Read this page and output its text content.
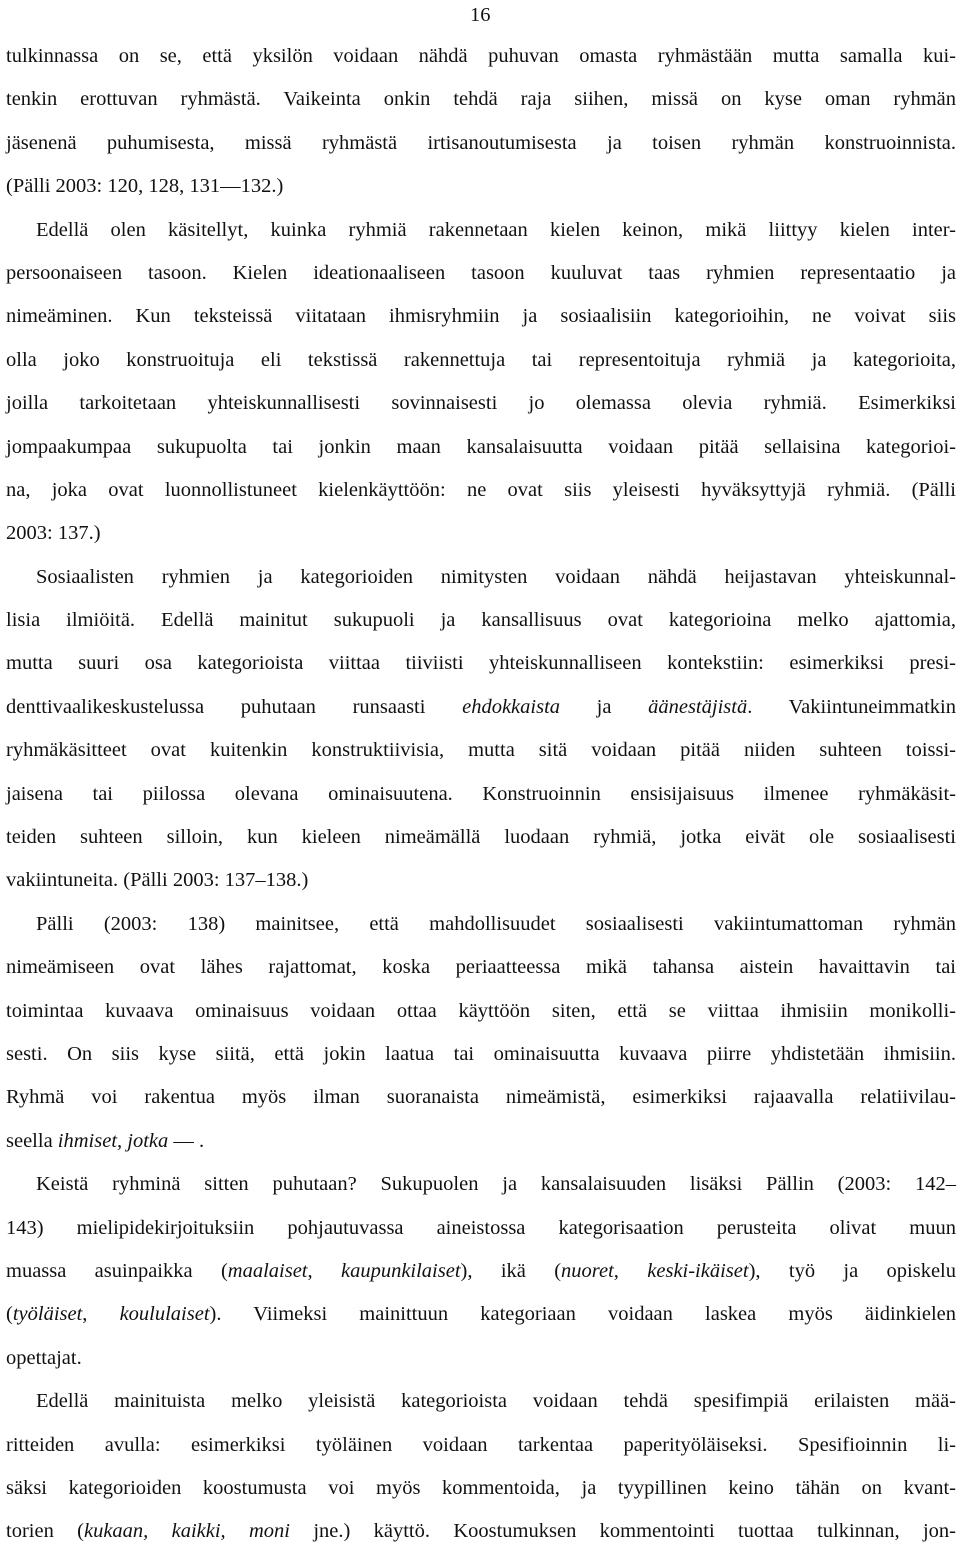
16
tulkinnassa on se, että yksilön voidaan nähdä puhuvan omasta ryhmästään mutta samalla kui-
tenkin erottuvan ryhmästä. Vaikeinta onkin tehdä raja siihen, missä on kyse oman ryhmän
jäsenenä puhumisesta, missä ryhmästä irtisanoutumisesta ja toisen ryhmän konstruoinnista.
(Pälli 2003: 120, 128, 131—132.)
Edellä olen käsitellyt, kuinka ryhmiä rakennetaan kielen keinon, mikä liittyy kielen inter-
persoonaiseen tasoon. Kielen ideationaaliseen tasoon kuuluvat taas ryhmien representaatio ja
nimeäminen. Kun teksteissä viitataan ihmisryhmiin ja sosiaalisiin kategorioihin, ne voivat siis
olla joko konstruoituja eli tekstissä rakennettuja tai representoituja ryhmiä ja kategorioita,
joilla tarkoitetaan yhteiskunnallisesti sovinnaisesti jo olemassa olevia ryhmiä. Esimerkiksi
jompaakumpaa sukupuolta tai jonkin maan kansalaisuutta voidaan pitää sellaisina kategorioi-
na, joka ovat luonnollistuneet kielenkäyttöön: ne ovat siis yleisesti hyväksyttyjä ryhmiä. (Pälli
2003: 137.)
Sosiaalisten ryhmien ja kategorioiden nimitysten voidaan nähdä heijastavan yhteiskunnal-
lisia ilmiöitä. Edellä mainitut sukupuoli ja kansallisuus ovat kategorioina melko ajattomia,
mutta suuri osa kategorioista viittaa tiiviisti yhteiskunnalliseen kontekstiin: esimerkiksi presi-
denttivaalikeskustelussa puhutaan runsaasti ehdokkaista ja äänestäjistä. Vakiintuneimmatkin
ryhmäkäsitteet ovat kuitenkin konstruktiivisia, mutta sitä voidaan pitää niiden suhteen toissi-
jaisena tai piilossa olevana ominaisuutena. Konstruoinnin ensisijaisuus ilmenee ryhmäkäsit-
teiden suhteen silloin, kun kieleen nimeämällä luodaan ryhmiä, jotka eivät ole sosiaalisesti
vakiintuneita. (Pälli 2003: 137–138.)
Pälli (2003: 138) mainitsee, että mahdollisuudet sosiaalisesti vakiintumattoman ryhmän
nimeämiseen ovat lähes rajattomat, koska periaatteessa mikä tahansa aistein havaittavin tai
toimintaa kuvaava ominaisuus voidaan ottaa käyttöön siten, että se viittaa ihmisiin monikolli-
sesti. On siis kyse siitä, että jokin laatua tai ominaisuutta kuvaava piirre yhdistetään ihmisiin.
Ryhmä voi rakentua myös ilman suoranaista nimeämistä, esimerkiksi rajaavalla relatiivilau-
seella ihmiset, jotka — .
Keistä ryhminä sitten puhutaan? Sukupuolen ja kansalaisuuden lisäksi Pällin (2003: 142–
143) mielipidekirjoituksiin pohjautuvassa aineistossa kategorisaation perusteita olivat muun
muassa asuinpaikka (maalaiset, kaupunkilaiset), ikä (nuoret, keski-ikäiset), työ ja opiskelu
(työläiset, koululaiset). Viimeksi mainittuun kategoriaan voidaan laskea myös äidinkielen
opettajat.
Edellä mainituista melko yleisistä kategorioista voidaan tehdä spesifimpiä erilaisten mää-
ritteiden avulla: esimerkiksi työläinen voidaan tarkentaa paperityöläiseksi. Spesifioinnin li-
säksi kategorioiden koostumusta voi myös kommentoida, ja tyypillinen keino tähän on kvant-
torien (kukaan, kaikki, moni jne.) käyttö. Koostumuksen kommentointi tuottaa tulkinnan, jon-
